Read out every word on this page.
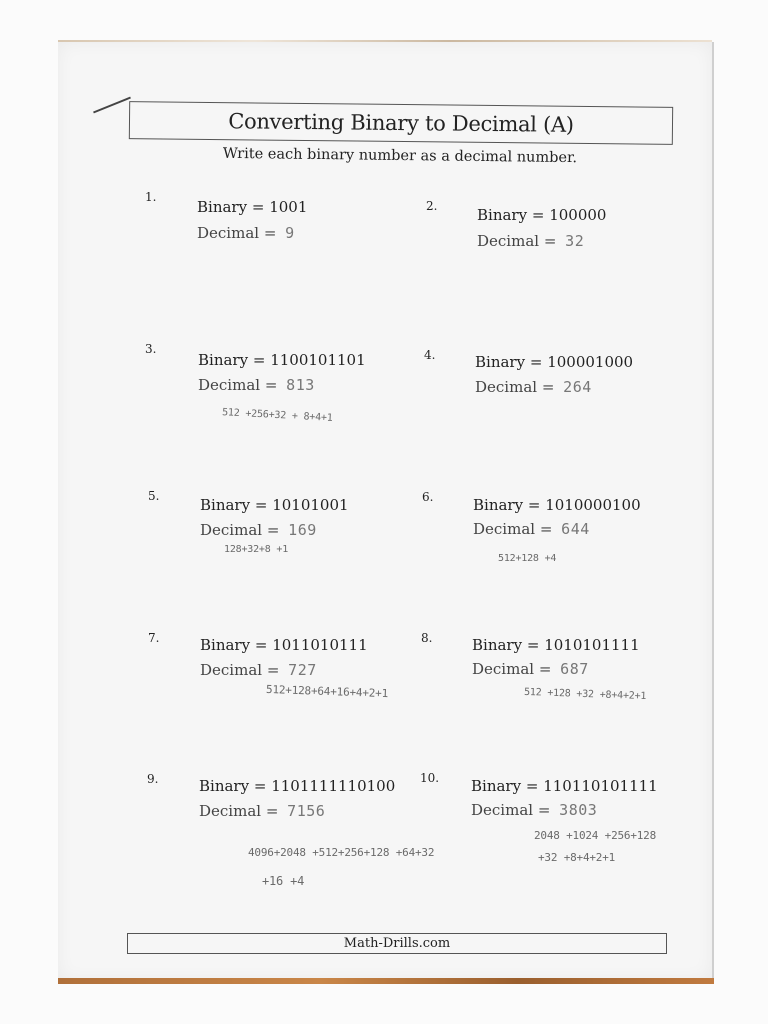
Converting Binary to Decimal (A)
Write each binary number as a decimal number.
1.
Binary = 1001
Decimal = 9
2.	Binary = 100000
Decimal = 32
3.
Binary = 1100101101
Decimal = 813
512 +256+32 + 8+4+1
4.	Binary = 100001000
Decimal = 264
5.	Binary = 10101001
Decimal = 169
128+32+8 +1
6.	Binary = 1010000100
Decimal = 644
512+128 +4
7.	Binary = 1011010111
Decimal = 727
512+128+64+16+4+2+1
8.	Binary = 1010101111
Decimal = 687
512 +128 +32 +8+4+2+1
9.	Binary = 1101111110100
Decimal = 7156
4096+2048 +512+256+128 +64+32
+16 +4
10. Binary = 110110101111
Decimal = 3803
2048 +1024 +256+128
+32 +8+4+2+1
Math-Drills.com
